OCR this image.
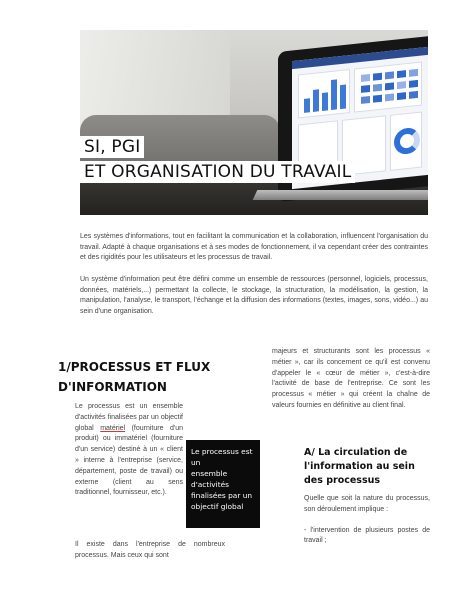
SI, PGI
ET ORGANISATION DU TRAVAIL

Les systèmes d'informations, tout en facilitant la communication et la collaboration, influencent l'organisation du travail. Adapté à chaque organisations et à ses modes de fonctionnement, il va cependant créer des contraintes et des rigidités pour les utilisateurs et les processus de travail.

Un système d'information peut être défini comme un ensemble de ressources (personnel, logiciels, processus, données, matériels,...) permettant la collecte, le stockage, la structuration, la modélisation, la gestion, la manipulation, l'analyse, le transport, l'échange et la diffusion des informations (textes, images, sons, vidéo...) au sein d'une organisation.

1/PROCESSUS ET FLUX D'INFORMATION

Le processus est un ensemble d'activités finalisées par un objectif global matériel (fourniture d'un produit) ou immatériel (fourniture d'un service) destiné à un « client » interne à l'entreprise (service, département, poste de travail) ou externe (client au sens traditionnel, fournisseur, etc.).

Il existe dans l'entreprise de nombreux processus. Mais ceux qui sont

Le processus est un
ensemble
d'activités
finalisées par un
objectif global

majeurs et structurants sont les processus « métier », car ils concernent ce qu'il est convenu d'appeler le « cœur de métier », c'est-à-dire l'activité de base de l'entreprise. Ce sont les processus « métier » qui créent la chaîne de valeurs fournies en définitive au client final.

A/ La circulation de l'information au sein des processus

Quelle que soit la nature du processus, son déroulement implique :

- l'intervention de plusieurs postes de travail ;
